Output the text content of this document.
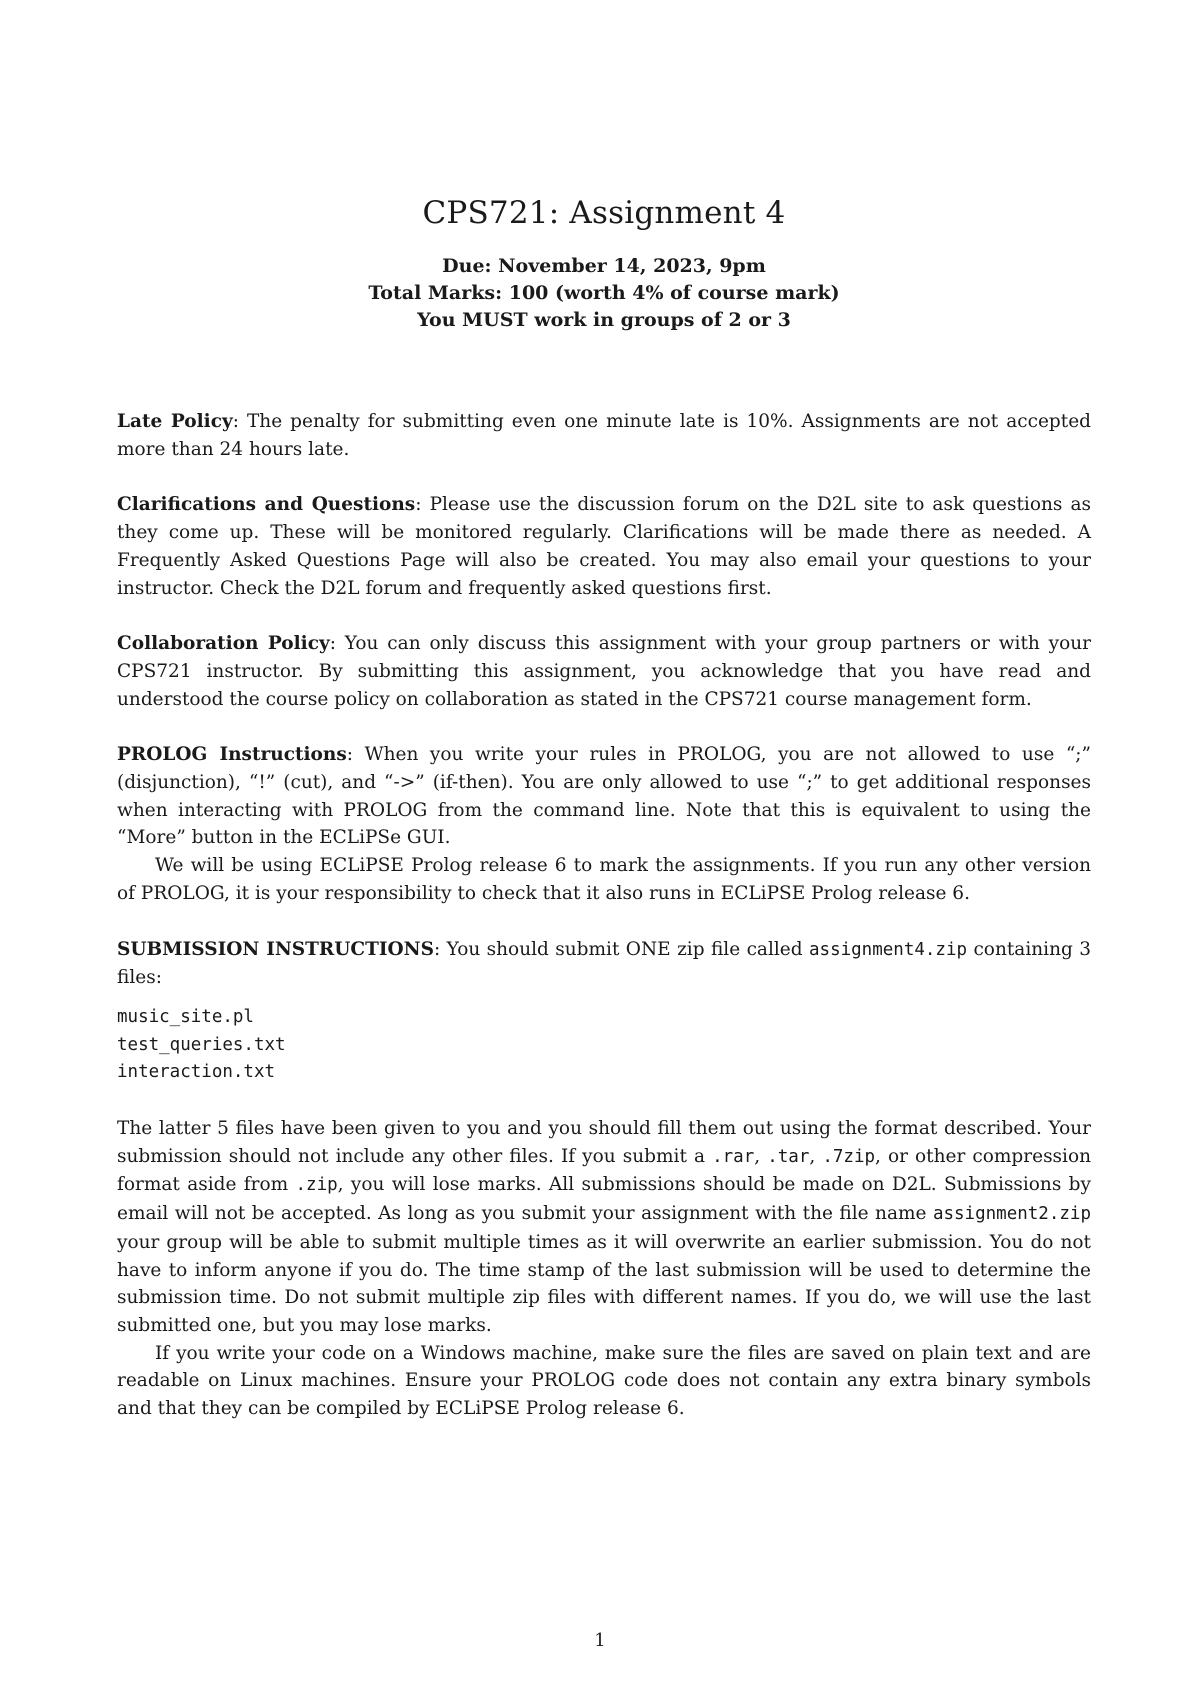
CPS721: Assignment 4
Due: November 14, 2023, 9pm
Total Marks: 100 (worth 4% of course mark)
You MUST work in groups of 2 or 3

Late Policy: The penalty for submitting even one minute late is 10%. Assignments are not accepted more than 24 hours late.

Clarifications and Questions: Please use the discussion forum on the D2L site to ask questions as they come up. These will be monitored regularly. Clarifications will be made there as needed. A Frequently Asked Questions Page will also be created. You may also email your questions to your instructor. Check the D2L forum and frequently asked questions first.

Collaboration Policy: You can only discuss this assignment with your group partners or with your CPS721 instructor. By submitting this assignment, you acknowledge that you have read and understood the course policy on collaboration as stated in the CPS721 course management form.

PROLOG Instructions: When you write your rules in PROLOG, you are not allowed to use “;” (disjunction), “!” (cut), and “->” (if-then). You are only allowed to use “;” to get additional responses when interacting with PROLOG from the command line. Note that this is equivalent to using the “More” button in the ECLiPSe GUI.

We will be using ECLiPSE Prolog release 6 to mark the assignments. If you run any other version of PROLOG, it is your responsibility to check that it also runs in ECLiPSE Prolog release 6.

SUBMISSION INSTRUCTIONS: You should submit ONE zip file called assignment4.zip containing 3 files:

music_site.pl
test_queries.txt
interaction.txt

The latter 5 files have been given to you and you should fill them out using the format described. Your submission should not include any other files. If you submit a .rar, .tar, .7zip, or other compression format aside from .zip, you will lose marks. All submissions should be made on D2L. Submissions by email will not be accepted. As long as you submit your assignment with the file name assignment2.zip your group will be able to submit multiple times as it will overwrite an earlier submission. You do not have to inform anyone if you do. The time stamp of the last submission will be used to determine the submission time. Do not submit multiple zip files with different names. If you do, we will use the last submitted one, but you may lose marks.

If you write your code on a Windows machine, make sure the files are saved on plain text and are readable on Linux machines. Ensure your PROLOG code does not contain any extra binary symbols and that they can be compiled by ECLiPSE Prolog release 6.

1
